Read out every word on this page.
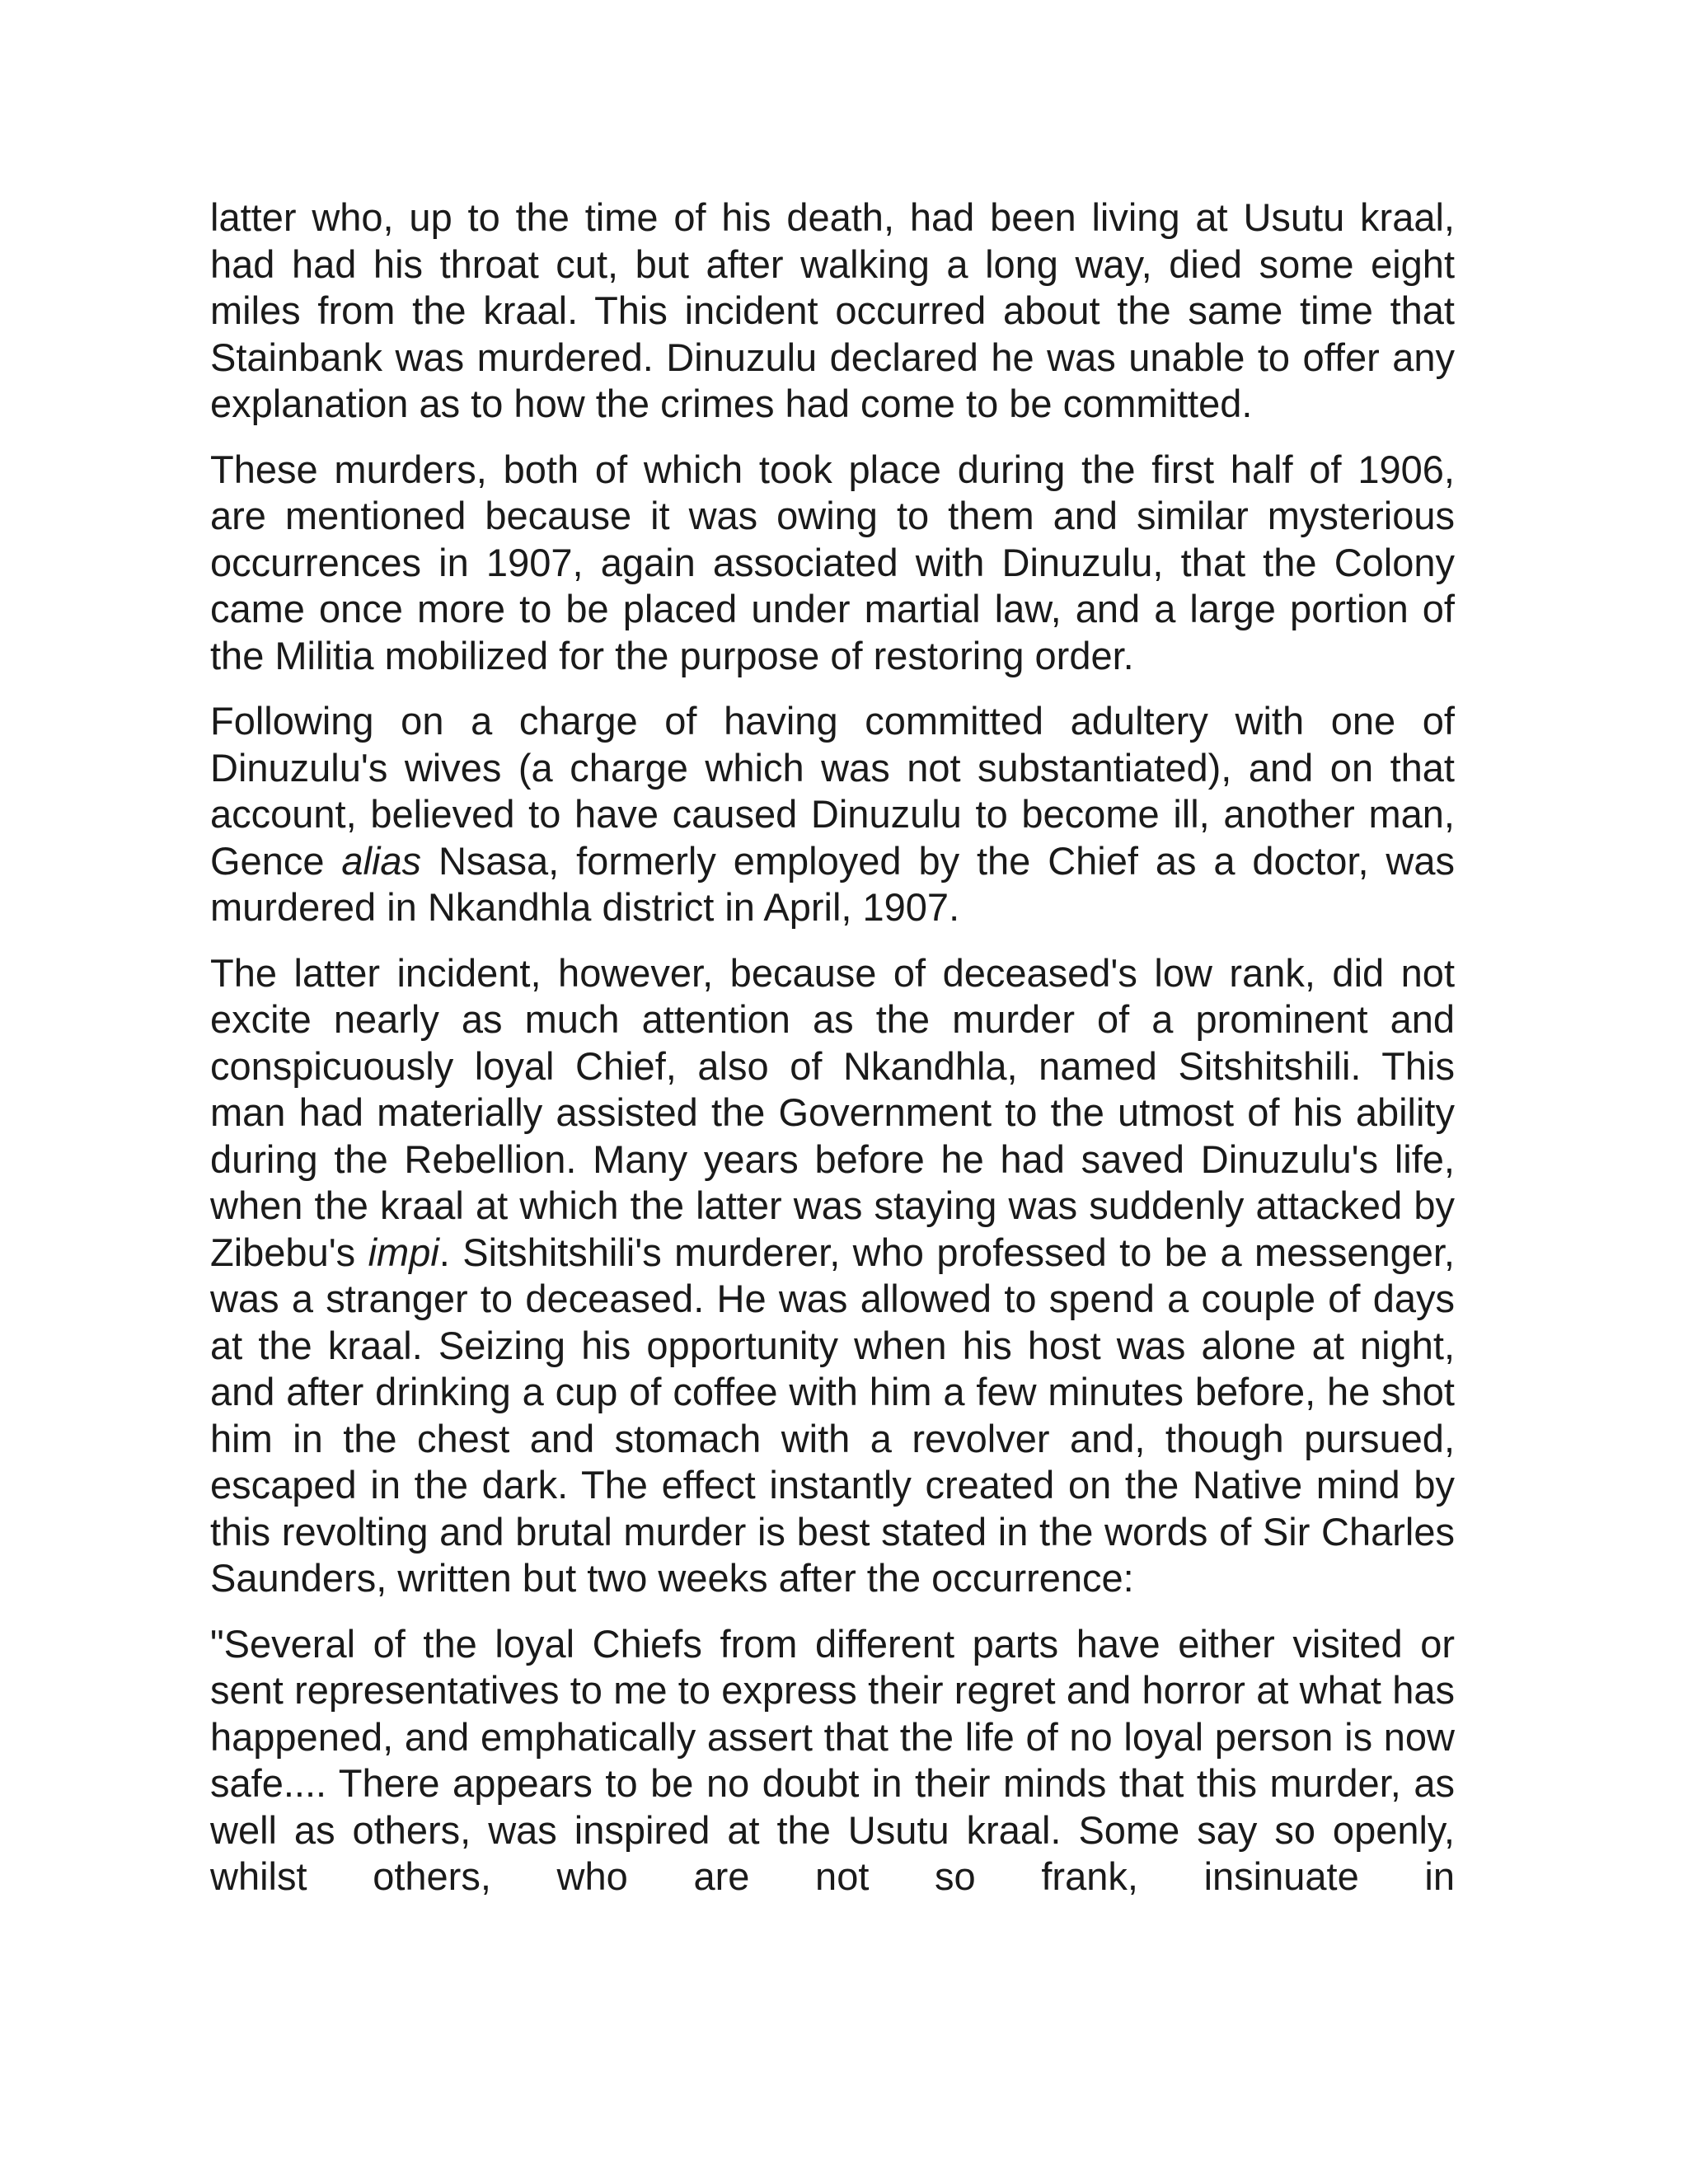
latter who, up to the time of his death, had been living at Usutu kraal, had had his throat cut, but after walking a long way, died some eight miles from the kraal. This incident occurred about the same time that Stainbank was murdered. Dinuzulu declared he was unable to offer any explanation as to how the crimes had come to be committed.

These murders, both of which took place during the first half of 1906, are mentioned because it was owing to them and similar mysterious occurrences in 1907, again associated with Dinuzulu, that the Colony came once more to be placed under martial law, and a large portion of the Militia mobilized for the purpose of restoring order.

Following on a charge of having committed adultery with one of Dinuzulu's wives (a charge which was not substantiated), and on that account, believed to have caused Dinuzulu to become ill, another man, Gence alias Nsasa, formerly employed by the Chief as a doctor, was murdered in Nkandhla district in April, 1907.

The latter incident, however, because of deceased's low rank, did not excite nearly as much attention as the murder of a prominent and conspicuously loyal Chief, also of Nkandhla, named Sitshitshili. This man had materially assisted the Government to the utmost of his ability during the Rebellion. Many years before he had saved Dinuzulu's life, when the kraal at which the latter was staying was suddenly attacked by Zibebu's impi. Sitshitshili's murderer, who professed to be a messenger, was a stranger to deceased. He was allowed to spend a couple of days at the kraal. Seizing his opportunity when his host was alone at night, and after drinking a cup of coffee with him a few minutes before, he shot him in the chest and stomach with a revolver and, though pursued, escaped in the dark. The effect instantly created on the Native mind by this revolting and brutal murder is best stated in the words of Sir Charles Saunders, written but two weeks after the occurrence:

"Several of the loyal Chiefs from different parts have either visited or sent representatives to me to express their regret and horror at what has happened, and emphatically assert that the life of no loyal person is now safe.... There appears to be no doubt in their minds that this murder, as well as others, was inspired at the Usutu kraal. Some say so openly, whilst others, who are not so frank, insinuate in
